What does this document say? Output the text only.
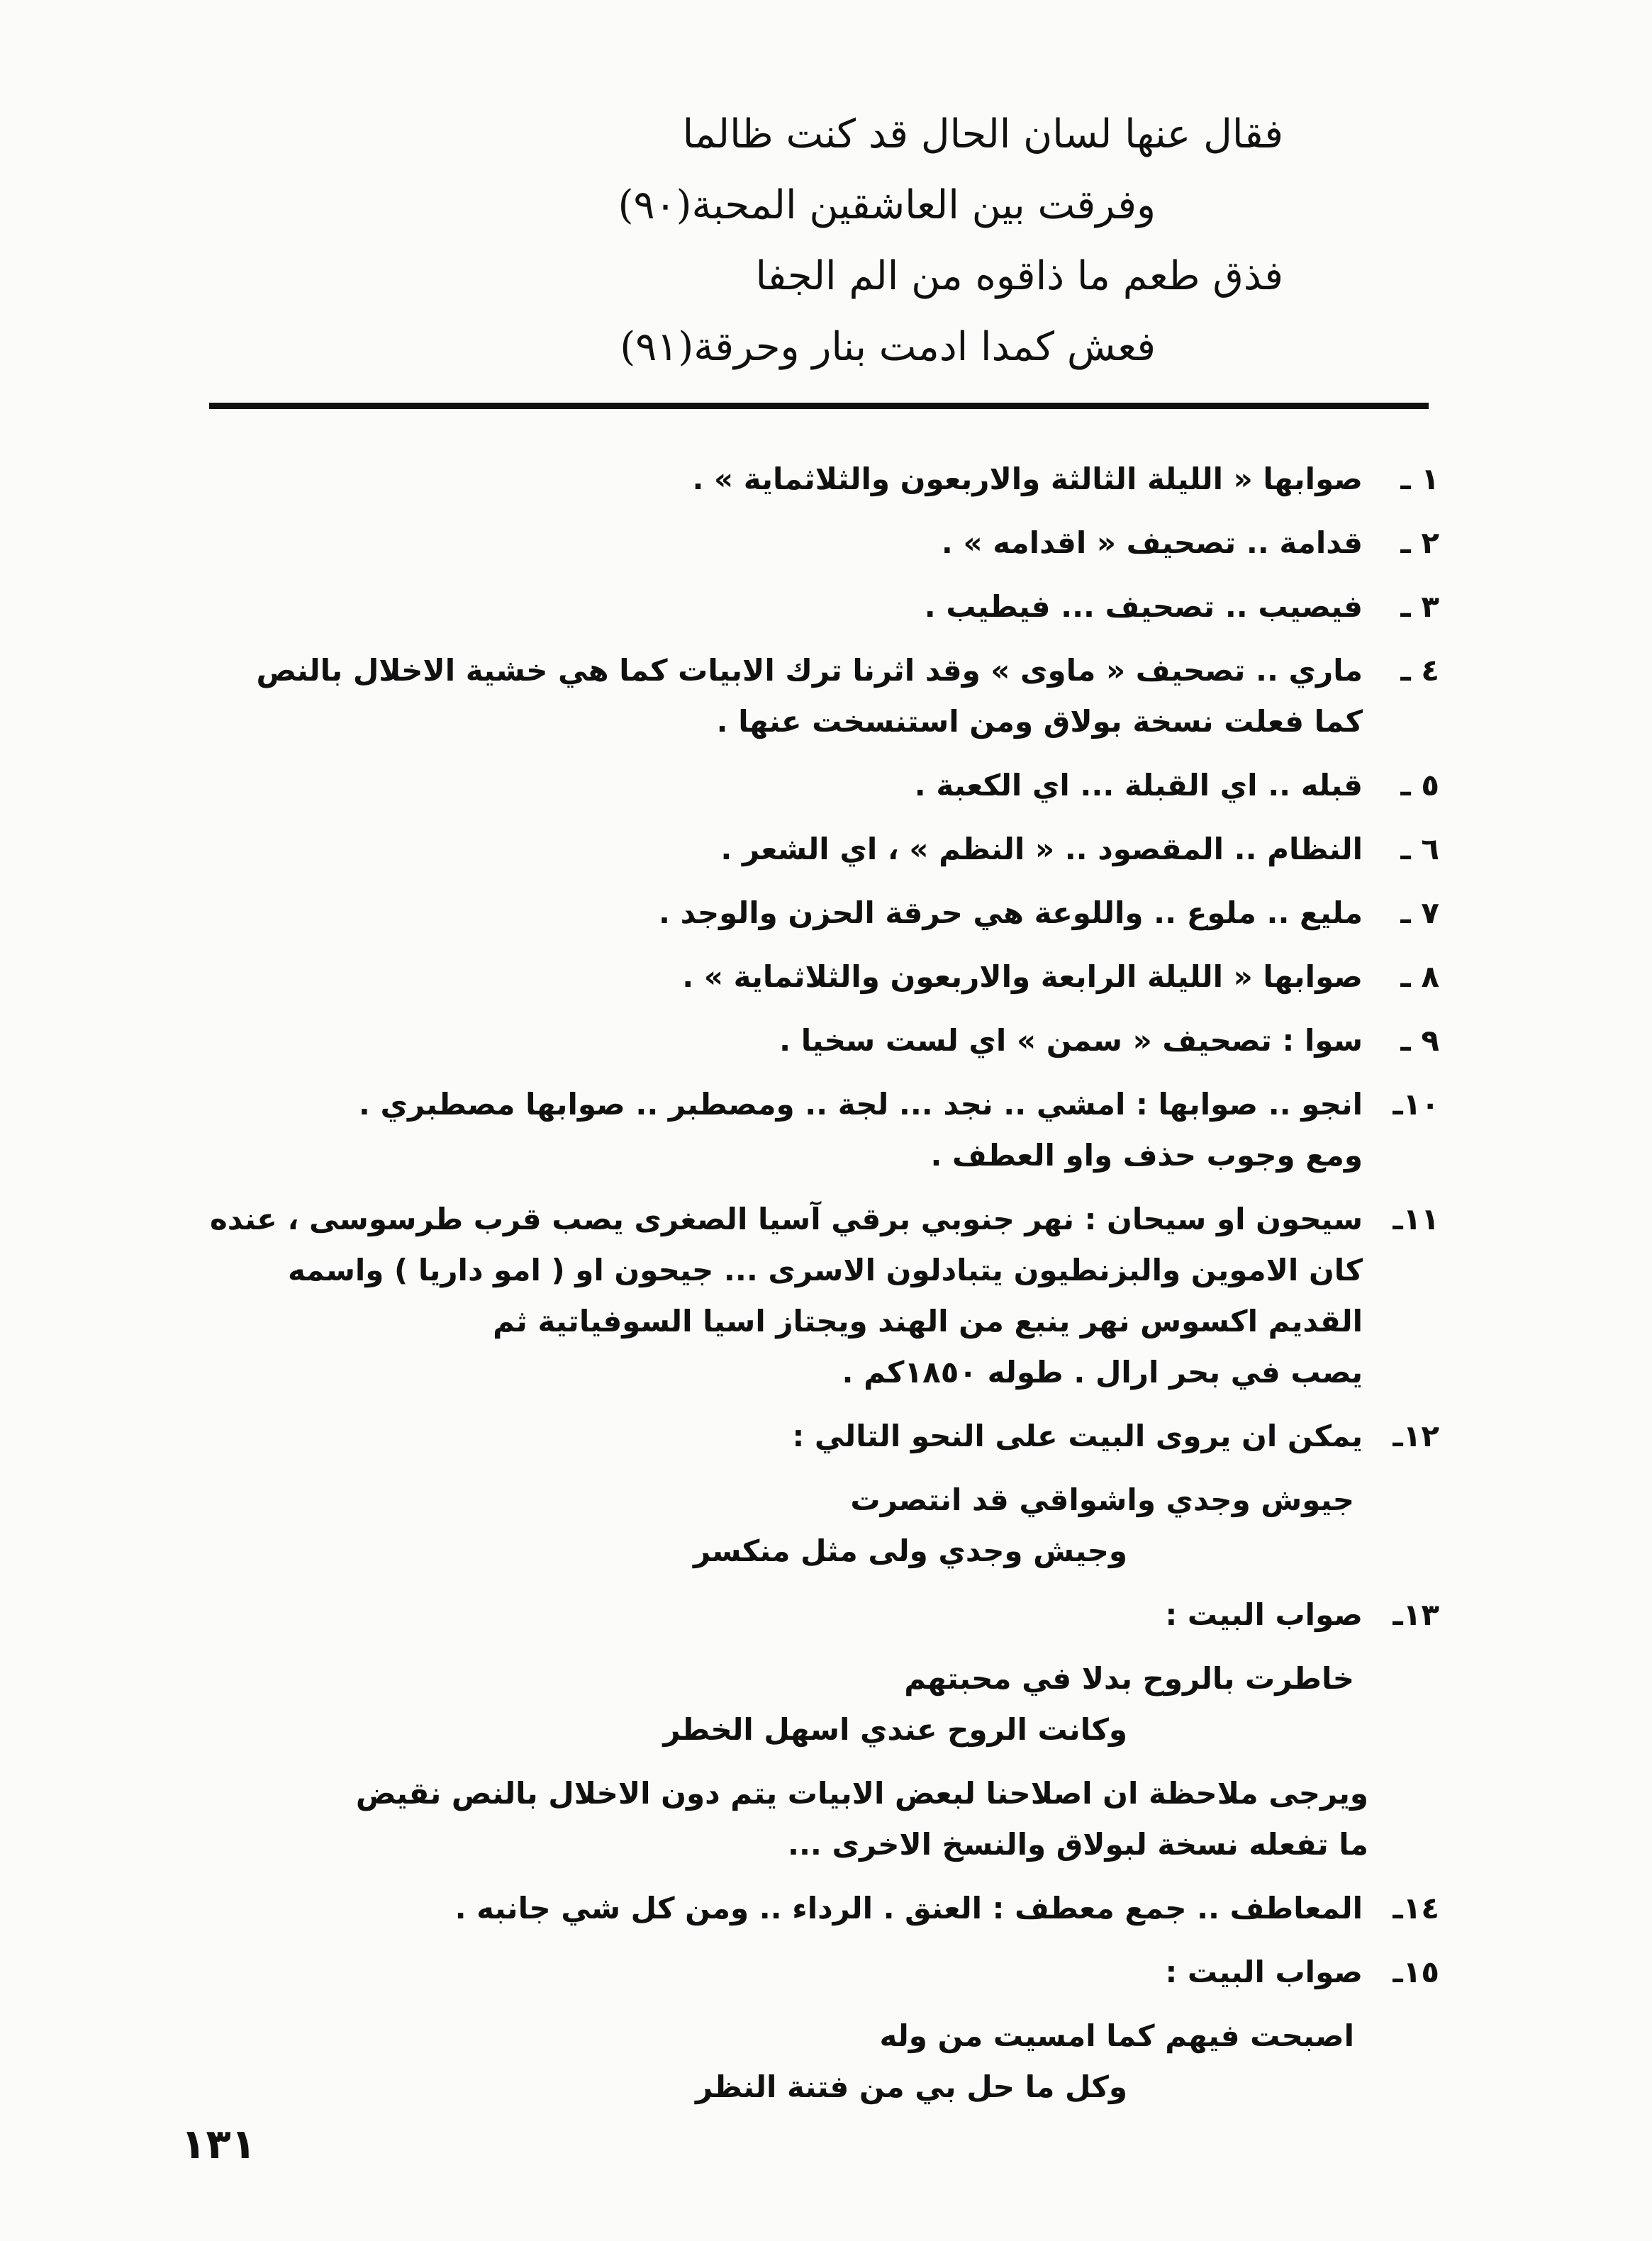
فقال عنها لسان الحال قد كنت ظالما
وفرقت بين العاشقين المحبة(٩٠)
فذق طعم ما ذاقوه من الم الجفا
فعش كمدا ادمت بنار وحرقة(٩١)
١ ـ
صوابها « الليلة الثالثة والاربعون والثلاثماية » .
٢ ـ
قدامة .. تصحيف « اقدامه » .
٣ ـ
فيصيب .. تصحيف ... فيطيب .
٤ ـ
ماري .. تصحيف « ماوى » وقد اثرنا ترك الابيات كما هي خشية الاخلال بالنص
كما فعلت نسخة بولاق ومن استنسخت عنها .
٥ ـ
قبله .. اي القبلة ... اي الكعبة .
٦ ـ
النظام .. المقصود .. « النظم » ، اي الشعر .
٧ ـ
مليع .. ملوع .. واللوعة هي حرقة الحزن والوجد .
٨ ـ
صوابها « الليلة الرابعة والاربعون والثلاثماية » .
٩ ـ
سوا : تصحيف « سمن » اي لست سخيا .
١٠ـ
انجو .. صوابها : امشي .. نجد ... لجة .. ومصطبر .. صوابها مصطبري .
ومع وجوب حذف واو العطف .
١١ـ
سيحون او سيحان : نهر جنوبي برقي آسيا الصغرى يصب قرب طرسوسى ، عنده
كان الاموين والبزنطيون يتبادلون الاسرى ... جيحون او ( امو داريا ) واسمه
القديم اكسوس نهر ينبع من الهند ويجتاز اسيا السوفياتية ثم
يصب في بحر ارال . طوله ١٨٥٠كم .
١٢ـ
يمكن ان يروى البيت على النحو التالي :
جيوش وجدي واشواقي قد انتصرت
وجيش وجدي ولى مثل منكسر
١٣ـ
صواب البيت :
خاطرت بالروح بدلا في محبتهم
وكانت الروح عندي اسهل الخطر
ويرجى ملاحظة ان اصلاحنا لبعض الابيات يتم دون الاخلال بالنص نقيض
ما تفعله نسخة لبولاق والنسخ الاخرى ...
١٤ـ
المعاطف .. جمع معطف : العنق . الرداء .. ومن كل شي جانبه .
١٥ـ
صواب البيت :
اصبحت فيهم كما امسيت من وله
وكل ما حل بي من فتنة النظر
١٣١
